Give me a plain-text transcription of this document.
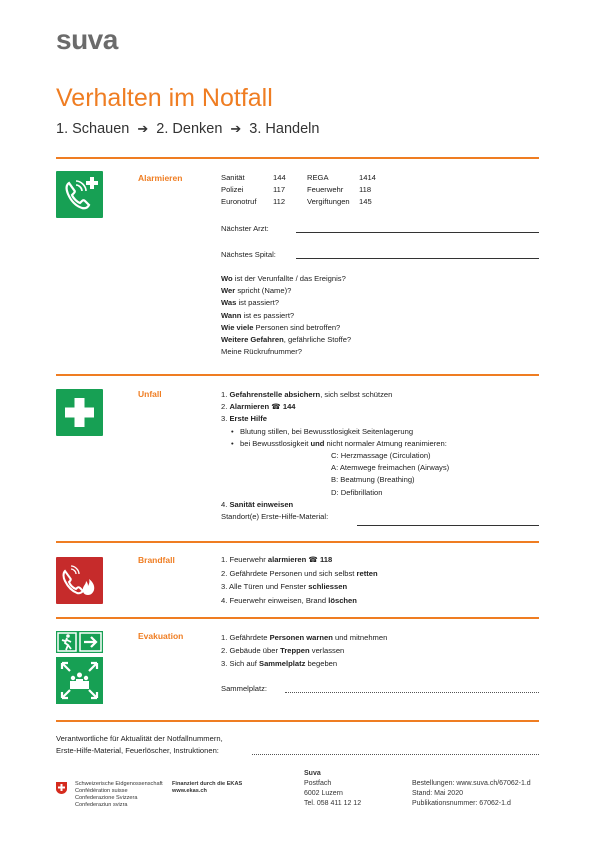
suva
Verhalten im Notfall
1. Schauen ➔ 2. Denken ➔ 3. Handeln
Alarmieren	Sanität	144	REGA	1414
Polizei	117	Feuerwehr	118
Euronotruf	112	Vergiftungen	145
Nächster Arzt:
Nächstes Spital:
Wo ist der Verunfallte / das Ereignis?
Wer spricht (Name)?
Was ist passiert?
Wann ist es passiert?
Wie viele Personen sind betroffen?
Weitere Gefahren, gefährliche Stoffe?
Meine Rückrufnummer?
Unfall	1. Gefahrenstelle absichern, sich selbst schützen
2. Alarmieren ☎ 144
3. Erste Hilfe
• Blutung stillen, bei Bewusstlosigkeit Seitenlagerung
• bei Bewusstlosigkeit und nicht normaler Atmung reanimieren:
C: Herzmassage (Circulation)
A: Atemwege freimachen (Airways)
B: Beatmung (Breathing)
D: Defibrillation
4. Sanität einweisen
Standort(e) Erste-Hilfe-Material:
Brandfall	1. Feuerwehr alarmieren ☎ 118
2. Gefährdete Personen und sich selbst retten
3. Alle Türen und Fenster schliessen
4. Feuerwehr einweisen, Brand löschen
Evakuation	1. Gefährdete Personen warnen und mitnehmen
2. Gebäude über Treppen verlassen
3. Sich auf Sammelplatz begeben
Sammelplatz:
Verantwortliche für Aktualität der Notfallnummern,
Erste-Hilfe-Material, Feuerlöscher, Instruktionen:
Schweizerische Eidgenossenschaft
Confédération suisse
Confederazione Svizzera
Confederaziun svizra
Finanziert durch die EKAS
www.ekas.ch
Suva
Postfach
6002 Luzern
Tel. 058 411 12 12
Bestellungen: www.suva.ch/67062-1.d
Stand: Mai 2020
Publikationsnummer: 67062-1.d
